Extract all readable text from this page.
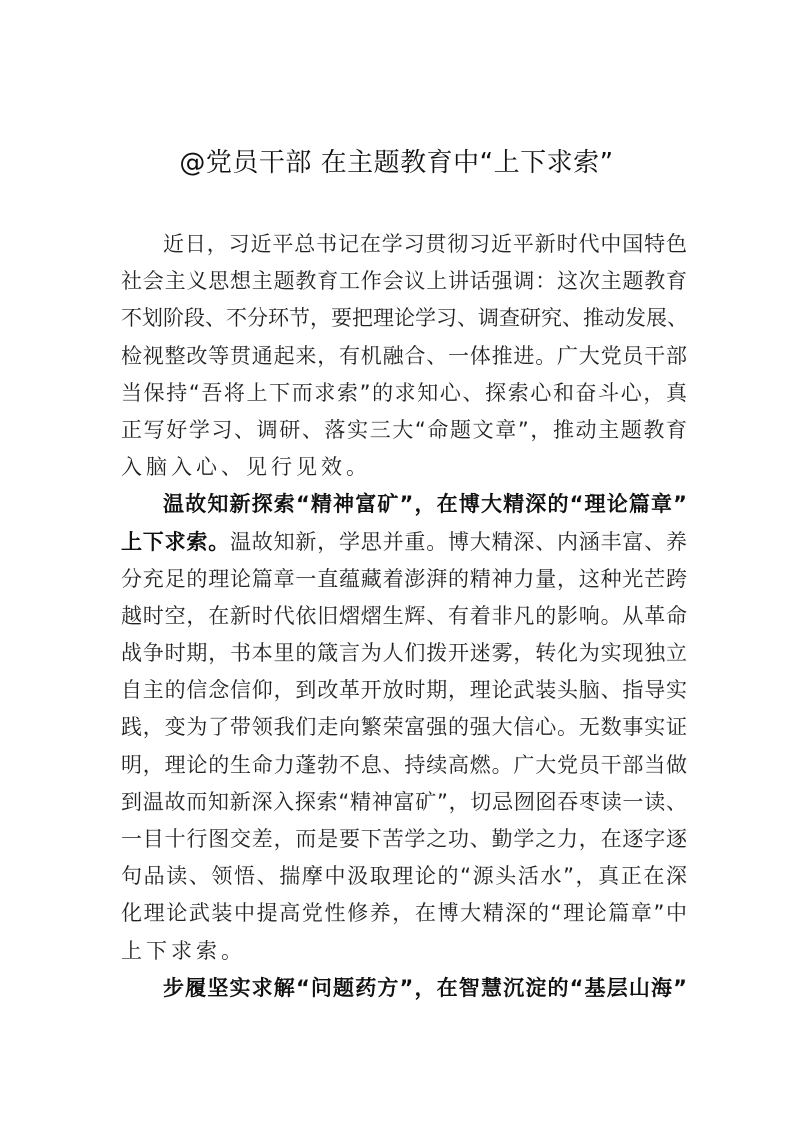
@党员干部 在主题教育中“上下求索”
近日，习近平总书记在学习贯彻习近平新时代中国特色
社会主义思想主题教育工作会议上讲话强调：这次主题教育
不划阶段、不分环节，要把理论学习、调查研究、推动发展、
检视整改等贯通起来，有机融合、一体推进。广大党员干部
当保持“吾将上下而求索”的求知心、探索心和奋斗心，真
正写好学习、调研、落实三大“命题文章”，推动主题教育
入脑入心、见行见效。
温故知新探索“精神富矿”，在博大精深的“理论篇章”
上下求索。温故知新，学思并重。博大精深、内涵丰富、养
分充足的理论篇章一直蕴藏着澎湃的精神力量，这种光芒跨
越时空，在新时代依旧熠熠生辉、有着非凡的影响。从革命
战争时期，书本里的箴言为人们拨开迷雾，转化为实现独立
自主的信念信仰，到改革开放时期，理论武装头脑、指导实
践，变为了带领我们走向繁荣富强的强大信心。无数事实证
明，理论的生命力蓬勃不息、持续高燃。广大党员干部当做
到温故而知新深入探索“精神富矿”，切忌囫囵吞枣读一读、
一目十行图交差，而是要下苦学之功、勤学之力，在逐字逐
句品读、领悟、揣摩中汲取理论的“源头活水”，真正在深
化理论武装中提高党性修养，在博大精深的“理论篇章”中
上下求索。
步履坚实求解“问题药方”，在智慧沉淀的“基层山海”
